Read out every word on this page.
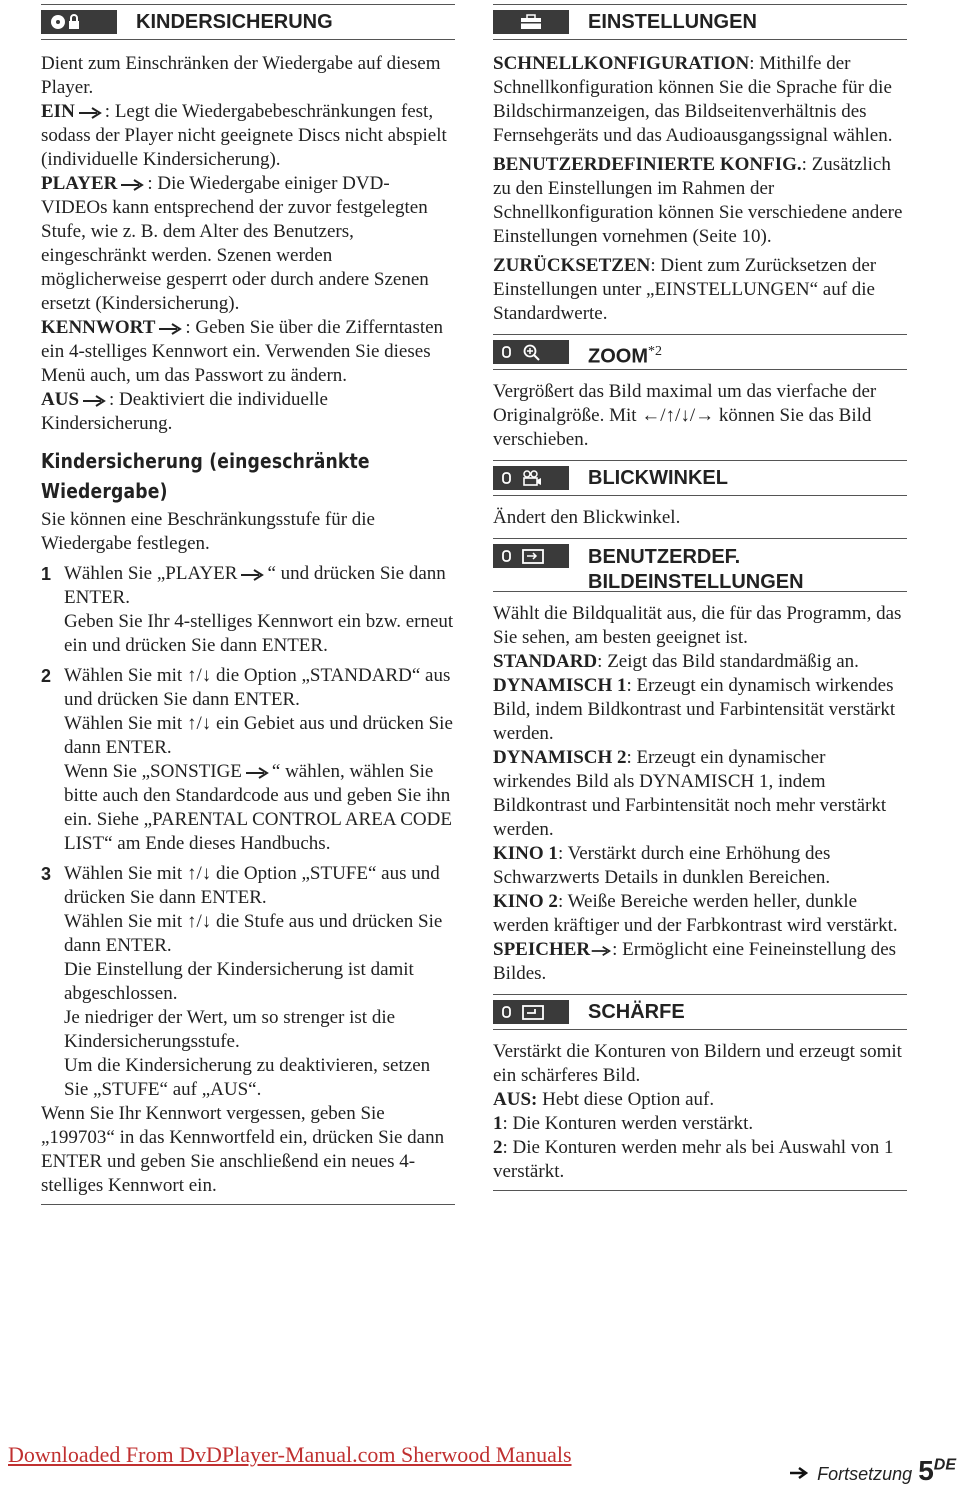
KINDERSICHERUNG

Dient zum Einschränken der Wiedergabe auf diesem Player.

EIN : Legt die Wiedergabebeschränkungen fest, sodass der Player nicht geeignete Discs nicht abspielt (individuelle Kindersicherung).

PLAYER : Die Wiedergabe einiger DVD-VIDEOs kann entsprechend der zuvor festgelegten Stufe, wie z. B. dem Alter des Benutzers, eingeschränkt werden. Szenen werden möglicherweise gesperrt oder durch andere Szenen ersetzt (Kindersicherung).

KENNWORT : Geben Sie über die Zifferntasten ein 4-stelliges Kennwort ein. Verwenden Sie dieses Menü auch, um das Passwort zu ändern.

AUS : Deaktiviert die individuelle Kindersicherung.

Kindersicherung (eingeschränkte Wiedergabe)

Sie können eine Beschränkungsstufe für die Wiedergabe festlegen.

1 Wählen Sie „PLAYER “ und drücken Sie dann ENTER.

Geben Sie Ihr 4-stelliges Kennwort ein bzw. erneut ein und drücken Sie dann ENTER.

2 Wählen Sie mit ↑/↓ die Option „STANDARD“ aus und drücken Sie dann ENTER.

Wählen Sie mit ↑/↓ ein Gebiet aus und drücken Sie dann ENTER.

Wenn Sie „SONSTIGE “ wählen, wählen Sie bitte auch den Standardcode aus und geben Sie ihn ein. Siehe „PARENTAL CONTROL AREA CODE LIST“ am Ende dieses Handbuchs.

3 Wählen Sie mit ↑/↓ die Option „STUFE“ aus und drücken Sie dann ENTER.

Wählen Sie mit ↑/↓ die Stufe aus und drücken Sie dann ENTER.

Die Einstellung der Kindersicherung ist damit abgeschlossen.

Je niedriger der Wert, um so strenger ist die Kindersicherungsstufe.

Um die Kindersicherung zu deaktivieren, setzen Sie „STUFE“ auf „AUS“.

Wenn Sie Ihr Kennwort vergessen, geben Sie „199703“ in das Kennwortfeld ein, drücken Sie dann ENTER und geben Sie anschließend ein neues 4-stelliges Kennwort ein.

EINSTELLUNGEN

SCHNELLKONFIGURATION: Mithilfe der Schnellkonfiguration können Sie die Sprache für die Bildschirmanzeigen, das Bildseitenverhältnis des Fernsehgeräts und das Audioausgangssignal wählen.

BENUTZERDEFINIERTE KONFIG.: Zusätzlich zu den Einstellungen im Rahmen der Schnellkonfiguration können Sie verschiedene andere Einstellungen vornehmen (Seite 10).

ZURÜCKSETZEN: Dient zum Zurücksetzen der Einstellungen unter „EINSTELLUNGEN“ auf die Standardwerte.

ZOOM$^{*2}$

Vergrößert das Bild maximal um das vierfache der Originalgröße. Mit ←/↑/↓/→ können Sie das Bild verschieben.

BLICKWINKEL

Ändert den Blickwinkel.

BENUTZERDEF.
BILDEINSTELLUNGEN

Wählt die Bildqualität aus, die für das Programm, das Sie sehen, am besten geeignet ist.

STANDARD: Zeigt das Bild standardmäßig an.

DYNAMISCH 1: Erzeugt ein dynamisch wirkendes Bild, indem Bildkontrast und Farbintensität verstärkt werden.

DYNAMISCH 2: Erzeugt ein dynamischer wirkendes Bild als DYNAMISCH 1, indem Bildkontrast und Farbintensität noch mehr verstärkt werden.

KINO 1: Verstärkt durch eine Erhöhung des Schwarzwerts Details in dunklen Bereichen.

KINO 2: Weiße Bereiche werden heller, dunkle werden kräftiger und der Farbkontrast wird verstärkt.

SPEICHER : Ermöglicht eine Feineinstellung des Bildes.

SCHÄRFE

Verstärkt die Konturen von Bildern und erzeugt somit ein schärferes Bild.

AUS: Hebt diese Option auf.

1: Die Konturen werden verstärkt.

2: Die Konturen werden mehr als bei Auswahl von 1 verstärkt.

Downloaded From DvDPlayer-Manual.com Sherwood Manuals
Fortsetzung 5DE
